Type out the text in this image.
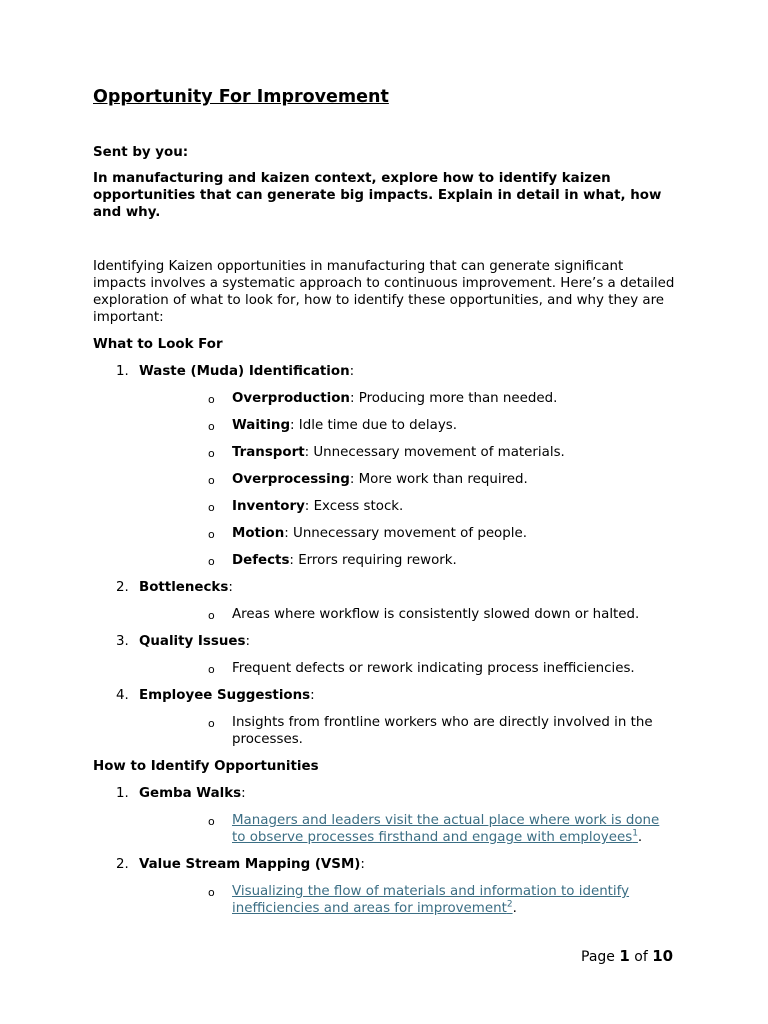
Opportunity For Improvement

Sent by you:

In manufacturing and kaizen context, explore how to identify kaizen opportunities that can generate big impacts. Explain in detail in what, how and why.

Identifying Kaizen opportunities in manufacturing that can generate significant impacts involves a systematic approach to continuous improvement. Here’s a detailed exploration of what to look for, how to identify these opportunities, and why they are important:

What to Look For

1. Waste (Muda) Identification:
o Overproduction: Producing more than needed.
o Waiting: Idle time due to delays.
o Transport: Unnecessary movement of materials.
o Overprocessing: More work than required.
o Inventory: Excess stock.
o Motion: Unnecessary movement of people.
o Defects: Errors requiring rework.
2. Bottlenecks:
o Areas where workflow is consistently slowed down or halted.
3. Quality Issues:
o Frequent defects or rework indicating process inefficiencies.
4. Employee Suggestions:
o Insights from frontline workers who are directly involved in the processes.

How to Identify Opportunities

1. Gemba Walks:
o Managers and leaders visit the actual place where work is done to observe processes firsthand and engage with employees$^1$.
2. Value Stream Mapping (VSM):
o Visualizing the flow of materials and information to identify inefficiencies and areas for improvement$^2$.
Page 1 of 10
